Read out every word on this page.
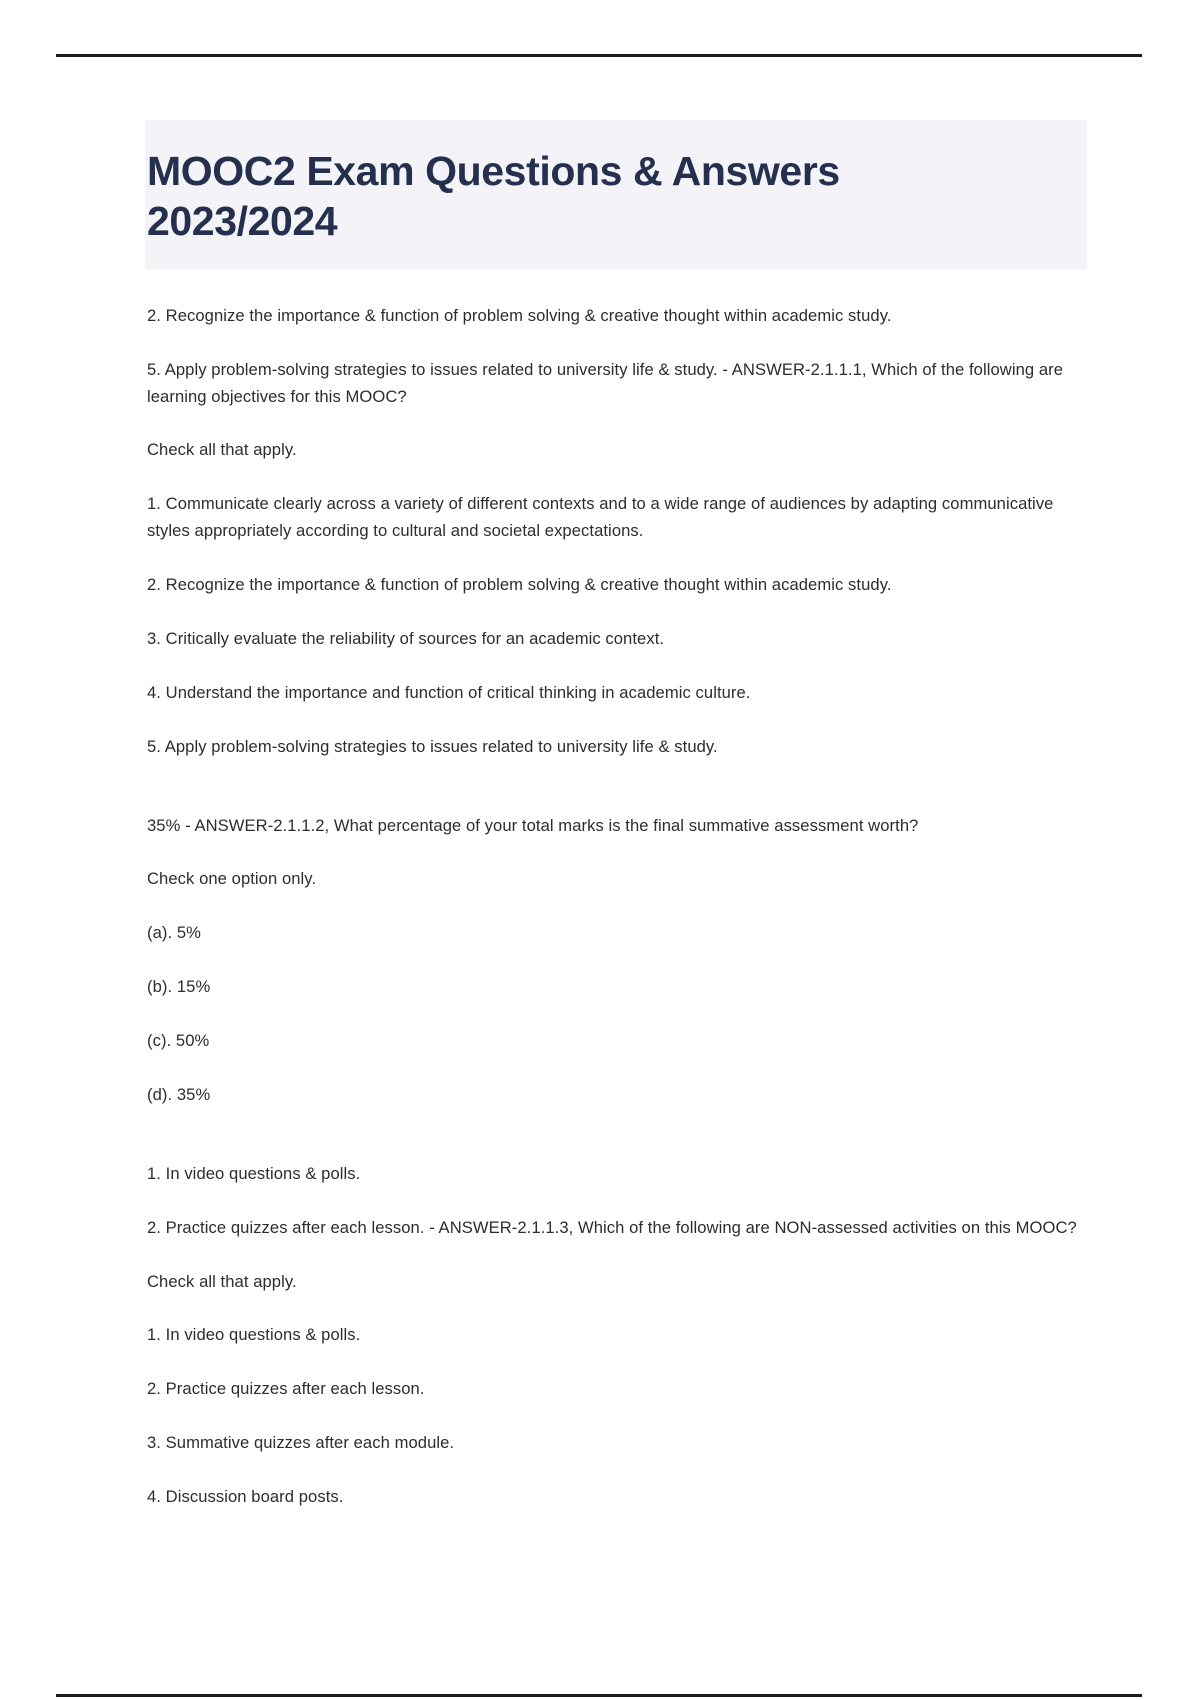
MOOC2 Exam Questions & Answers 2023/2024

2. Recognize the importance & function of problem solving & creative thought within academic study.

5. Apply problem-solving strategies to issues related to university life & study. - ANSWER-2.1.1.1, Which of the following are learning objectives for this MOOC?

Check all that apply.

1. Communicate clearly across a variety of different contexts and to a wide range of audiences by adapting communicative styles appropriately according to cultural and societal expectations.

2. Recognize the importance & function of problem solving & creative thought within academic study.

3. Critically evaluate the reliability of sources for an academic context.

4. Understand the importance and function of critical thinking in academic culture.

5. Apply problem-solving strategies to issues related to university life & study.

35% - ANSWER-2.1.1.2, What percentage of your total marks is the final summative assessment worth?

Check one option only.

(a). 5%

(b). 15%

(c). 50%

(d). 35%

1. In video questions & polls.

2. Practice quizzes after each lesson. - ANSWER-2.1.1.3, Which of the following are NON-assessed activities on this MOOC?

Check all that apply.

1. In video questions & polls.

2. Practice quizzes after each lesson.

3. Summative quizzes after each module.

4. Discussion board posts.
